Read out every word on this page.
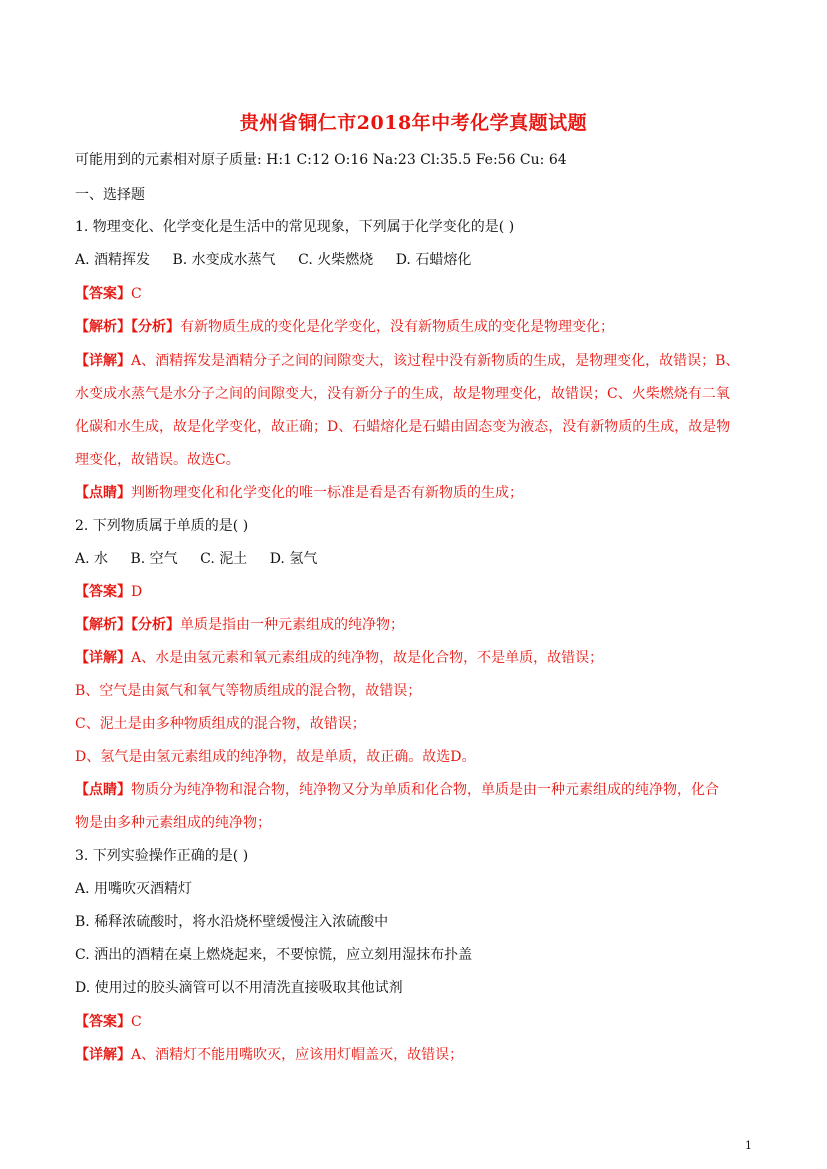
贵州省铜仁市2018年中考化学真题试题
可能用到的元素相对原子质量: H:1 C:12 O:16 Na:23 Cl:35.5 Fe:56 Cu: 64
一、选择题
1. 物理变化、化学变化是生活中的常见现象，下列属于化学变化的是( )
A. 酒精挥发 B. 水变成水蒸气 C. 火柴燃烧 D. 石蜡熔化
【答案】C
【解析】【分析】有新物质生成的变化是化学变化，没有新物质生成的变化是物理变化；
【详解】A、酒精挥发是酒精分子之间的间隙变大，该过程中没有新物质的生成，是物理变化，故错误；B、
水变成水蒸气是水分子之间的间隙变大，没有新分子的生成，故是物理变化，故错误；C、火柴燃烧有二氧
化碳和水生成，故是化学变化，故正确；D、石蜡熔化是石蜡由固态变为液态，没有新物质的生成，故是物
理变化，故错误。故选C。
【点睛】判断物理变化和化学变化的唯一标准是看是否有新物质的生成；
2. 下列物质属于单质的是( )
A. 水 B. 空气 C. 泥土 D. 氢气
【答案】D
【解析】【分析】单质是指由一种元素组成的纯净物；
【详解】A、水是由氢元素和氧元素组成的纯净物，故是化合物，不是单质，故错误；
B、空气是由氮气和氧气等物质组成的混合物，故错误；
C、泥土是由多种物质组成的混合物，故错误；
D、氢气是由氢元素组成的纯净物，故是单质，故正确。故选D。
【点睛】物质分为纯净物和混合物，纯净物又分为单质和化合物，单质是由一种元素组成的纯净物，化合
物是由多种元素组成的纯净物；
3. 下列实验操作正确的是( )
A. 用嘴吹灭酒精灯
B. 稀释浓硫酸时，将水沿烧杯壁缓慢注入浓硫酸中
C. 洒出的酒精在桌上燃烧起来，不要惊慌，应立刻用湿抹布扑盖
D. 使用过的胶头滴管可以不用清洗直接吸取其他试剂
【答案】C
【详解】A、酒精灯不能用嘴吹灭，应该用灯帽盖灭，故错误；
1
